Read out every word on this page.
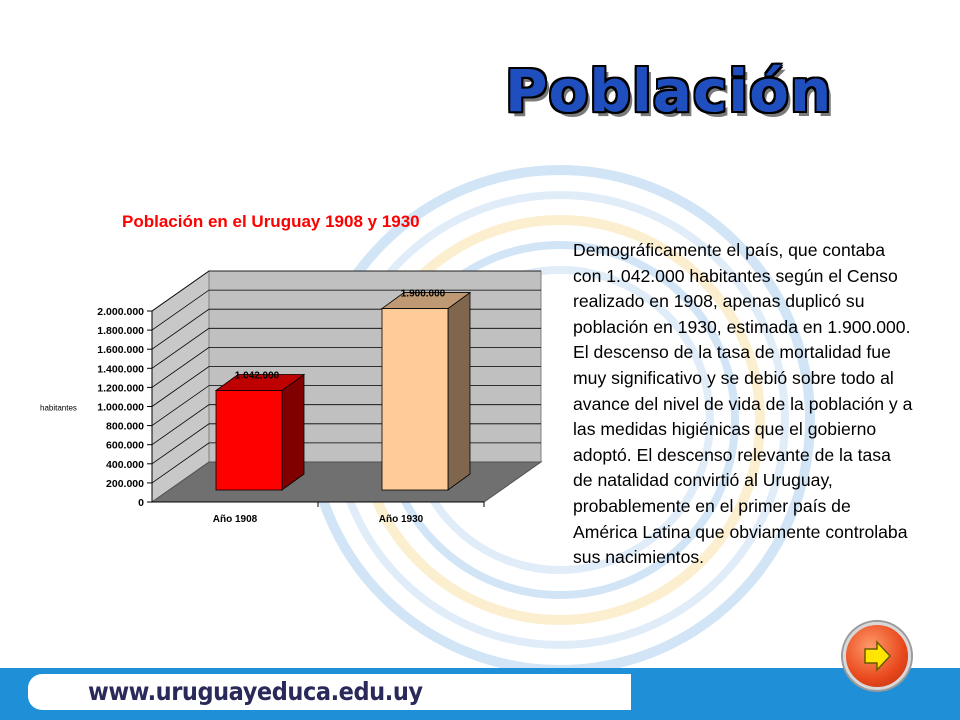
Población
Población en el Uruguay 1908 y 1930
0
200.000
400.000
600.000
800.000
1.000.000
1.200.000
1.400.000
1.600.000
1.800.000
2.000.000
habitantes
1.042.000
Año 1908
1.900.000
Año 1930
Demográficamente el país, que contaba con 1.042.000 habitantes según el Censo realizado en 1908, apenas duplicó su población en 1930, estimada en 1.900.000. El descenso de la tasa de mortalidad fue muy significativo y se debió sobre todo al avance del nivel de vida de la población y a las medidas higiénicas que el gobierno adoptó. El descenso relevante de la tasa de natalidad convirtió al Uruguay, probablemente en el primer país de América Latina que obviamente controlaba sus nacimientos.
www.uruguayeduca.edu.uy
